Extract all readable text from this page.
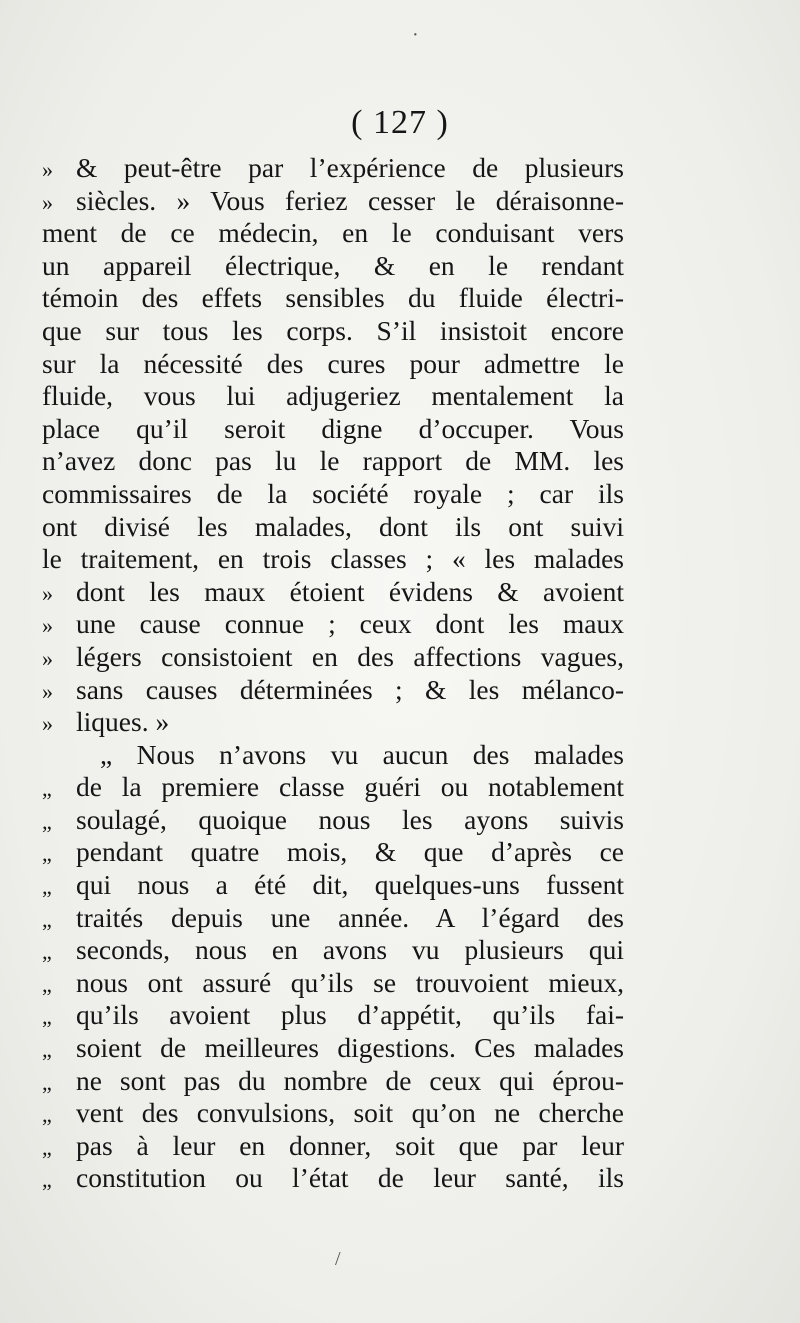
( 127 )
» & peut-être par l’expérience de plusieurs
» siècles. » Vous feriez cesser le déraisonne-
ment de ce médecin, en le conduisant vers
un appareil électrique, & en le rendant
témoin des effets sensibles du fluide électri-
que sur tous les corps. S’il insistoit encore
sur la nécessité des cures pour admettre le
fluide, vous lui adjugeriez mentalement la
place qu’il seroit digne d’occuper. Vous
n’avez donc pas lu le rapport de MM. les
commissaires de la société royale ; car ils
ont divisé les malades, dont ils ont suivi
le traitement, en trois classes ; « les malades
» dont les maux étoient évidens & avoient
» une cause connue ; ceux dont les maux
» légers consistoient en des affections vagues,
» sans causes déterminées ; & les mélanco-
» liques. »
„ Nous n’avons vu aucun des malades
„ de la premiere classe guéri ou notablement
„ soulagé, quoique nous les ayons suivis
„ pendant quatre mois, & que d’après ce
„ qui nous a été dit, quelques-uns fussent
„ traités depuis une année. A l’égard des
„ seconds, nous en avons vu plusieurs qui
„ nous ont assuré qu’ils se trouvoient mieux,
„ qu’ils avoient plus d’appétit, qu’ils fai-
„ soient de meilleures digestions. Ces malades
„ ne sont pas du nombre de ceux qui éprou-
„ vent des convulsions, soit qu’on ne cherche
„ pas à leur en donner, soit que par leur
„ constitution ou l’état de leur santé, ils
·
/
